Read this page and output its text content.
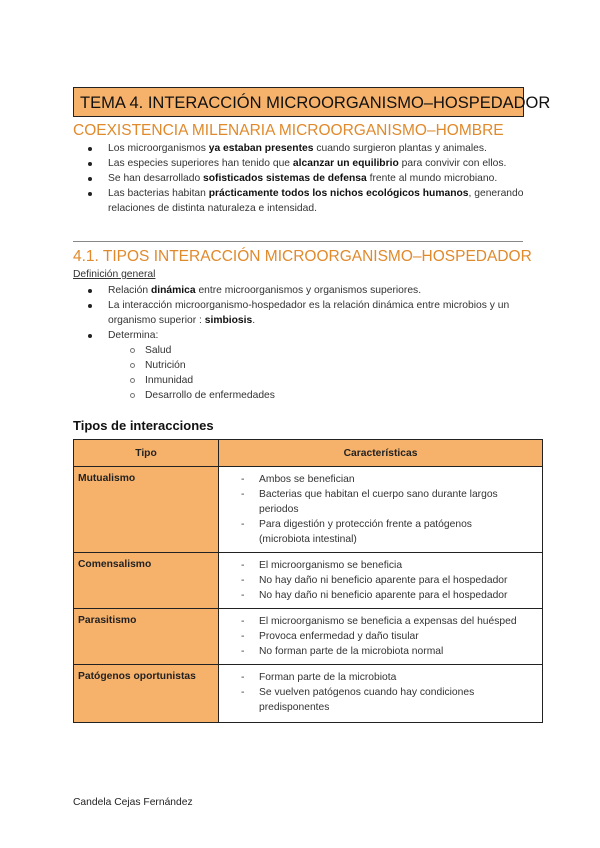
TEMA 4. INTERACCIÓN MICROORGANISMO–HOSPEDADOR
COEXISTENCIA MILENARIA MICROORGANISMO–HOMBRE
Los microorganismos ya estaban presentes cuando surgieron plantas y animales.
Las especies superiores han tenido que alcanzar un equilibrio para convivir con ellos.
Se han desarrollado sofisticados sistemas de defensa frente al mundo microbiano.
Las bacterias habitan prácticamente todos los nichos ecológicos humanos, generando relaciones de distinta naturaleza e intensidad.
4.1. TIPOS INTERACCIÓN MICROORGANISMO–HOSPEDADOR
Definición general
Relación dinámica entre microorganismos y organismos superiores.
La interacción microorganismo-hospedador es la relación dinámica entre microbios y un organismo superior : simbiosis.
Determina:
Salud
Nutrición
Inmunidad
Desarrollo de enfermedades
Tipos de interacciones
Tipo	Características
Mutualismo	- Ambos se benefician
- Bacterias que habitan el cuerpo sano durante largos periodos
- Para digestión y protección frente a patógenos (microbiota intestinal)

Comensalismo	- El microorganismo se beneficia
- No hay daño ni beneficio aparente para el hospedador
- No hay daño ni beneficio aparente para el hospedador

Parasitismo	- El microorganismo se beneficia a expensas del huésped
- Provoca enfermedad y daño tisular
- No forman parte de la microbiota normal

Patógenos oportunistas	- Forman parte de la microbiota
- Se vuelven patógenos cuando hay condiciones predisponentes
Candela Cejas Fernández
